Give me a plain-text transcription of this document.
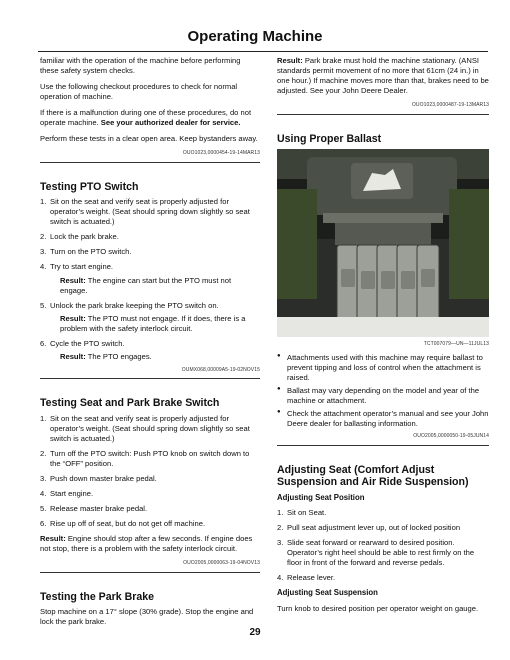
Operating Machine

familiar with the operation of the machine before performing these safety system checks.

Use the following checkout procedures to check for normal operation of machine.

If there is a malfunction during one of these procedures, do not operate machine. See your authorized dealer for service.

Perform these tests in a clear open area. Keep bystanders away.

OUO1023,0000454-19-14MAR13
Testing PTO Switch
1. Sit on the seat and verify seat is properly adjusted for operator’s weight. (Seat should spring down slightly so seat switch is actuated.)
2. Lock the park brake.
3. Turn on the PTO switch.
4. Try to start engine.
Result: The engine can start but the PTO must not engage.
5. Unlock the park brake keeping the PTO switch on.
Result: The PTO must not engage. If it does, there is a problem with the safety interlock circuit.
6. Cycle the PTO switch.
Result: The PTO engages.
OUMX068,00009A5-19-02NOV15
Testing Seat and Park Brake Switch
1. Sit on the seat and verify seat is properly adjusted for operator’s weight. (Seat should spring down slightly so seat switch is actuated.)
2. Turn off the PTO switch: Push PTO knob on switch down to the “OFF” position.
3. Push down master brake pedal.
4. Start engine.
5. Release master brake pedal.
6. Rise up off of seat, but do not get off machine.

Result: Engine should stop after a few seconds. If engine does not stop, there is a problem with the safety interlock circuit.

OUO2005,0000063-19-04NOV13
Testing the Park Brake

Stop machine on a 17° slope (30% grade). Stop the engine and lock the park brake.

Result: Park brake must hold the machine stationary. (ANSI standards permit movement of no more that 61cm (24 in.) in one hour.) If machine moves more than that, brakes need to be adjusted. See your John Deere Dealer.

OUO1023,0000487-19-13MAR13
Using Proper Ballast
TCT007079—UN—11JUL13
● Attachments used with this machine may require ballast to prevent tipping and loss of control when the attachment is raised.
● Ballast may vary depending on the model and year of the machine or attachment.
● Check the attachment operator’s manual and see your John Deere dealer for ballasting information.
OUO2005,0000050-19-05JUN14
Adjusting Seat (Comfort Adjust Suspension and Air Ride Suspension)
Adjusting Seat Position
1. Sit on Seat.
2. Pull seat adjustment lever up, out of locked position
3. Slide seat forward or rearward to desired position. Operator’s right heel should be able to rest firmly on the floor in front of the forward and reverse pedals.
4. Release lever.
Adjusting Seat Suspension

Turn knob to desired position per operator weight on gauge.

29
